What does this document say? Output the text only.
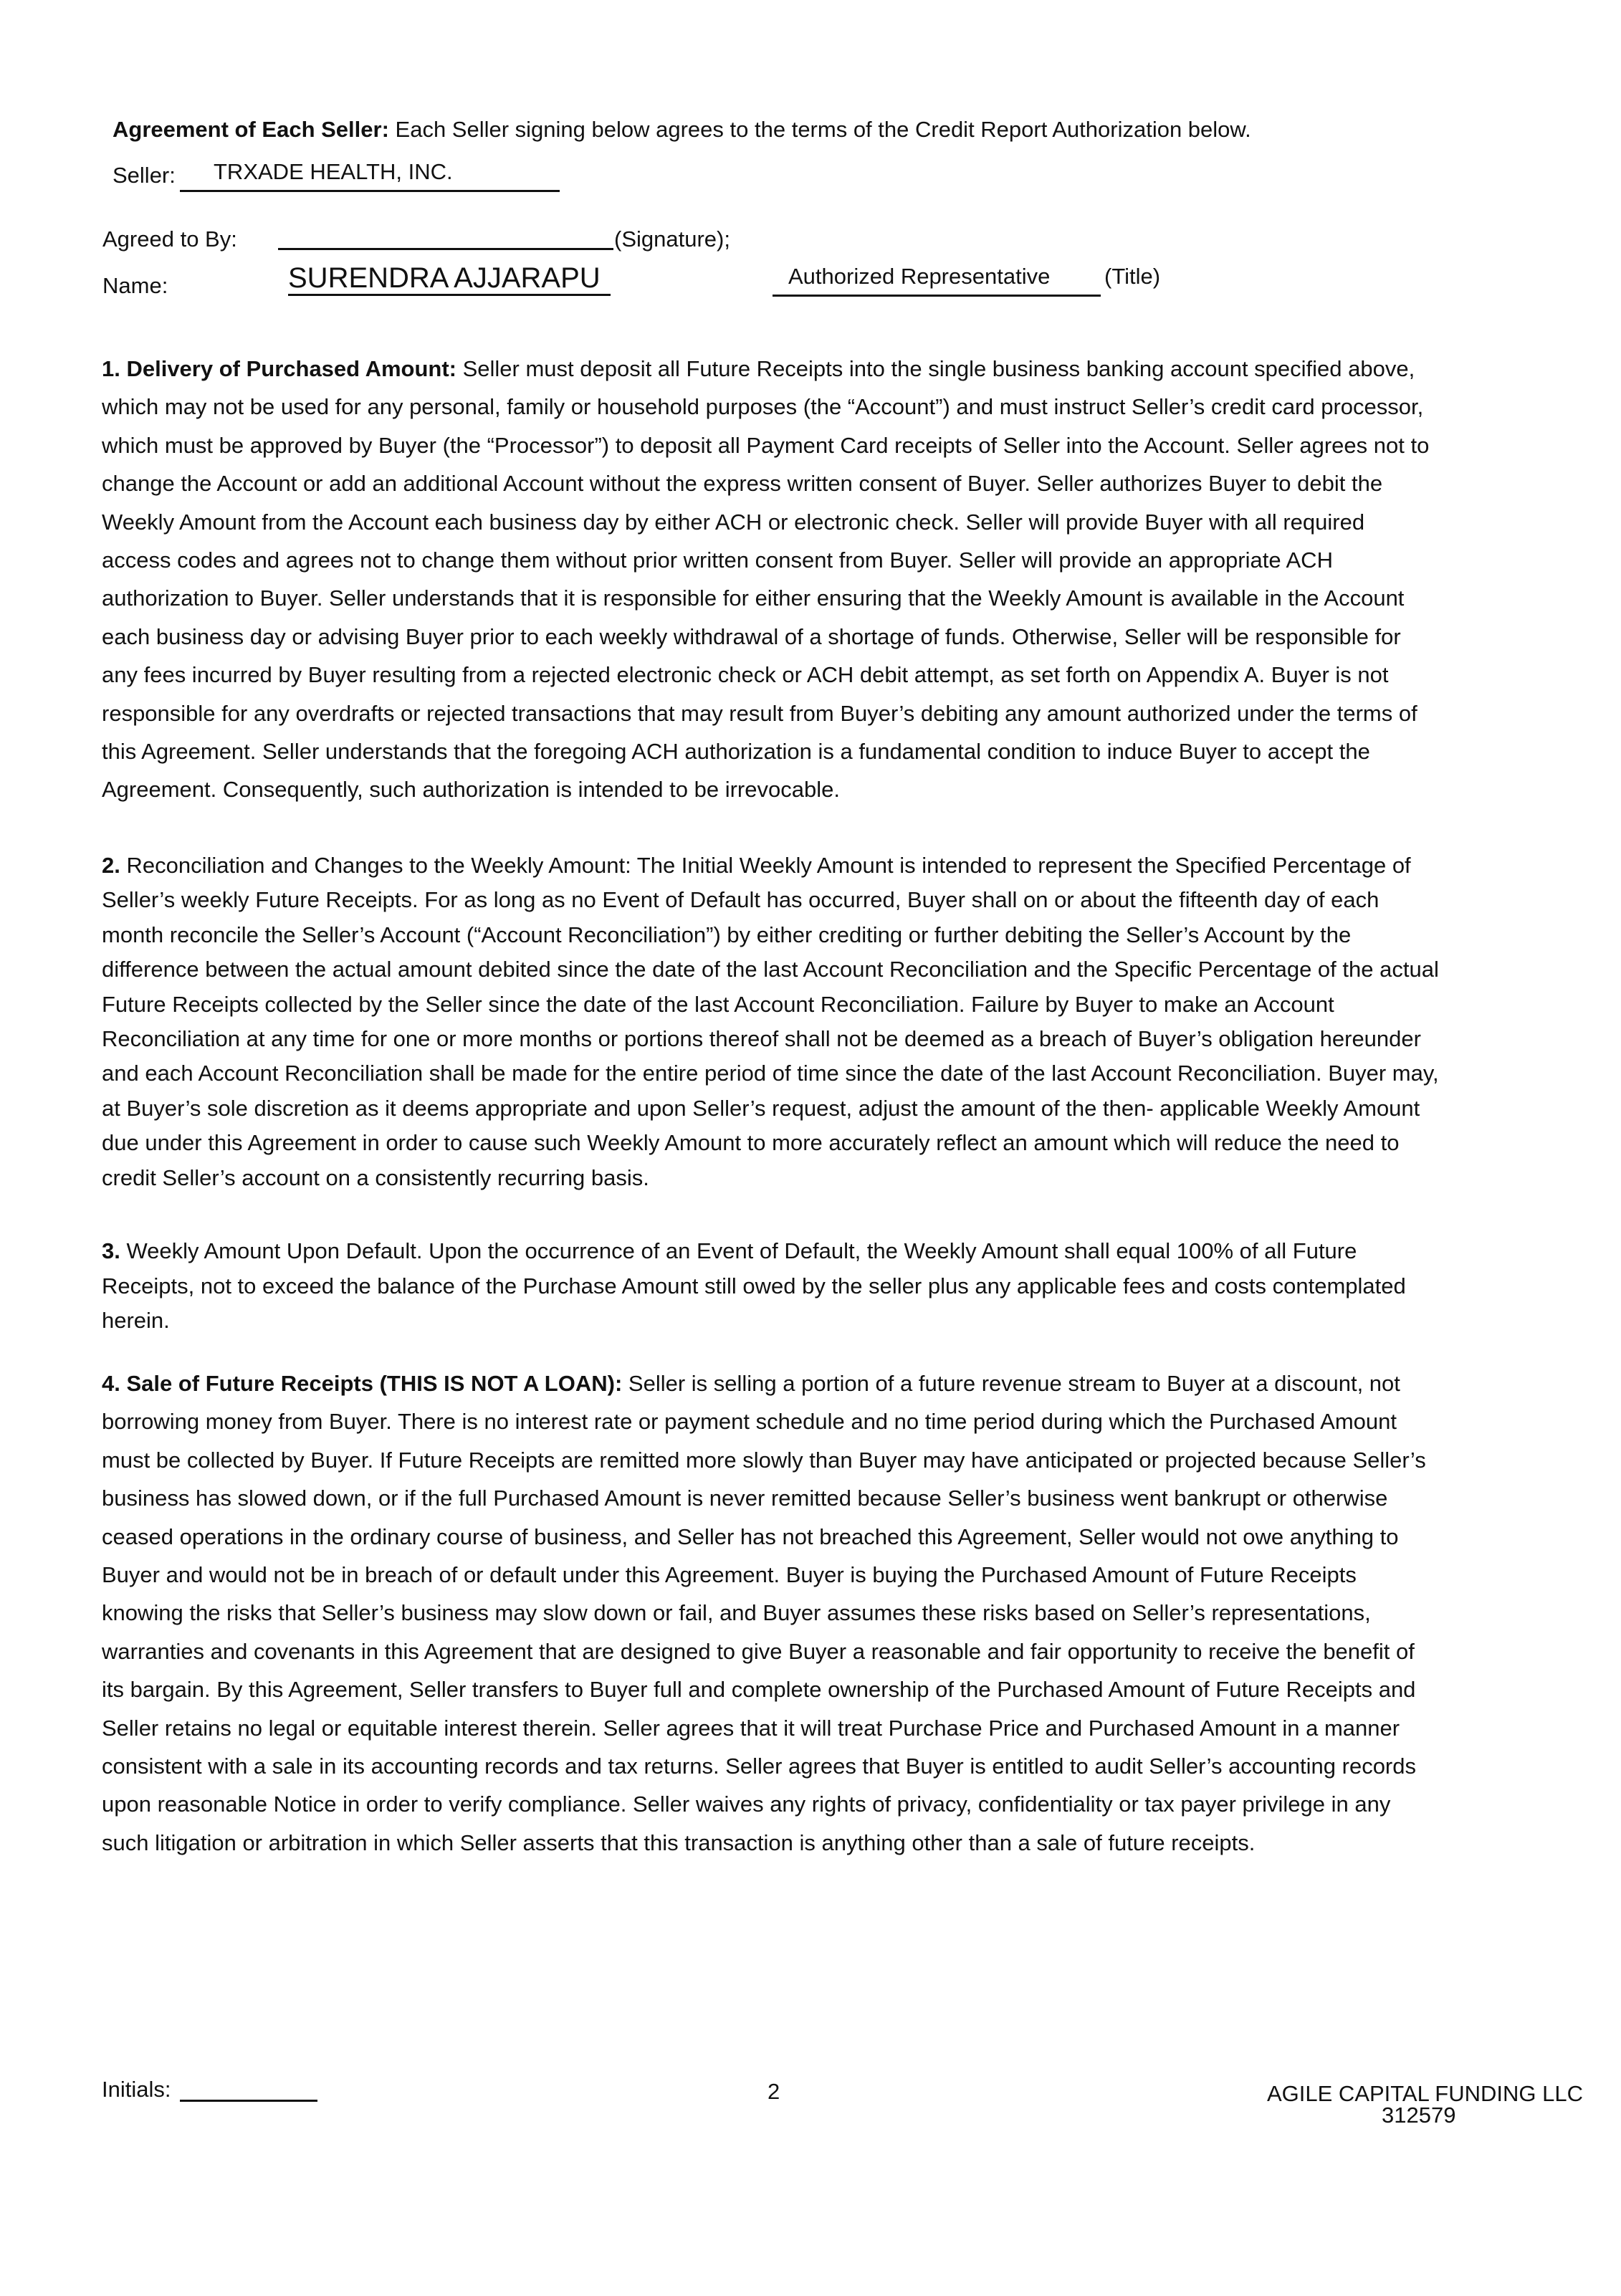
Agreement of Each Seller: Each Seller signing below agrees to the terms of the Credit Report Authorization below.
Seller: TRXADE HEALTH, INC.
Agreed to By:	(Signature);
Name:	SURENDRA AJJARAPU	Authorized Representative (Title)
1. Delivery of Purchased Amount: Seller must deposit all Future Receipts into the single business banking account specified above,
which may not be used for any personal, family or household purposes (the “Account”) and must instruct Seller’s credit card processor,
which must be approved by Buyer (the “Processor”) to deposit all Payment Card receipts of Seller into the Account. Seller agrees not to
change the Account or add an additional Account without the express written consent of Buyer. Seller authorizes Buyer to debit the
Weekly Amount from the Account each business day by either ACH or electronic check. Seller will provide Buyer with all required
access codes and agrees not to change them without prior written consent from Buyer. Seller will provide an appropriate ACH
authorization to Buyer. Seller understands that it is responsible for either ensuring that the Weekly Amount is available in the Account
each business day or advising Buyer prior to each weekly withdrawal of a shortage of funds. Otherwise, Seller will be responsible for
any fees incurred by Buyer resulting from a rejected electronic check or ACH debit attempt, as set forth on Appendix A. Buyer is not
responsible for any overdrafts or rejected transactions that may result from Buyer’s debiting any amount authorized under the terms of
this Agreement. Seller understands that the foregoing ACH authorization is a fundamental condition to induce Buyer to accept the
Agreement. Consequently, such authorization is intended to be irrevocable.
2. Reconciliation and Changes to the Weekly Amount: The Initial Weekly Amount is intended to represent the Specified Percentage of
Seller’s weekly Future Receipts. For as long as no Event of Default has occurred, Buyer shall on or about the fifteenth day of each
month reconcile the Seller’s Account (“Account Reconciliation”) by either crediting or further debiting the Seller’s Account by the
difference between the actual amount debited since the date of the last Account Reconciliation and the Specific Percentage of the actual
Future Receipts collected by the Seller since the date of the last Account Reconciliation. Failure by Buyer to make an Account
Reconciliation at any time for one or more months or portions thereof shall not be deemed as a breach of Buyer’s obligation hereunder
and each Account Reconciliation shall be made for the entire period of time since the date of the last Account Reconciliation. Buyer may,
at Buyer’s sole discretion as it deems appropriate and upon Seller’s request, adjust the amount of the then- applicable Weekly Amount
due under this Agreement in order to cause such Weekly Amount to more accurately reflect an amount which will reduce the need to
credit Seller’s account on a consistently recurring basis.
3. Weekly Amount Upon Default. Upon the occurrence of an Event of Default, the Weekly Amount shall equal 100% of all Future
Receipts, not to exceed the balance of the Purchase Amount still owed by the seller plus any applicable fees and costs contemplated
herein.
4. Sale of Future Receipts (THIS IS NOT A LOAN): Seller is selling a portion of a future revenue stream to Buyer at a discount, not
borrowing money from Buyer. There is no interest rate or payment schedule and no time period during which the Purchased Amount
must be collected by Buyer. If Future Receipts are remitted more slowly than Buyer may have anticipated or projected because Seller’s
business has slowed down, or if the full Purchased Amount is never remitted because Seller’s business went bankrupt or otherwise
ceased operations in the ordinary course of business, and Seller has not breached this Agreement, Seller would not owe anything to
Buyer and would not be in breach of or default under this Agreement. Buyer is buying the Purchased Amount of Future Receipts
knowing the risks that Seller’s business may slow down or fail, and Buyer assumes these risks based on Seller’s representations,
warranties and covenants in this Agreement that are designed to give Buyer a reasonable and fair opportunity to receive the benefit of
its bargain. By this Agreement, Seller transfers to Buyer full and complete ownership of the Purchased Amount of Future Receipts and
Seller retains no legal or equitable interest therein. Seller agrees that it will treat Purchase Price and Purchased Amount in a manner
consistent with a sale in its accounting records and tax returns. Seller agrees that Buyer is entitled to audit Seller’s accounting records
upon reasonable Notice in order to verify compliance. Seller waives any rights of privacy, confidentiality or tax payer privilege in any
such litigation or arbitration in which Seller asserts that this transaction is anything other than a sale of future receipts.
Initials:	2	AGILE CAPITAL FUNDING LLC
312579
